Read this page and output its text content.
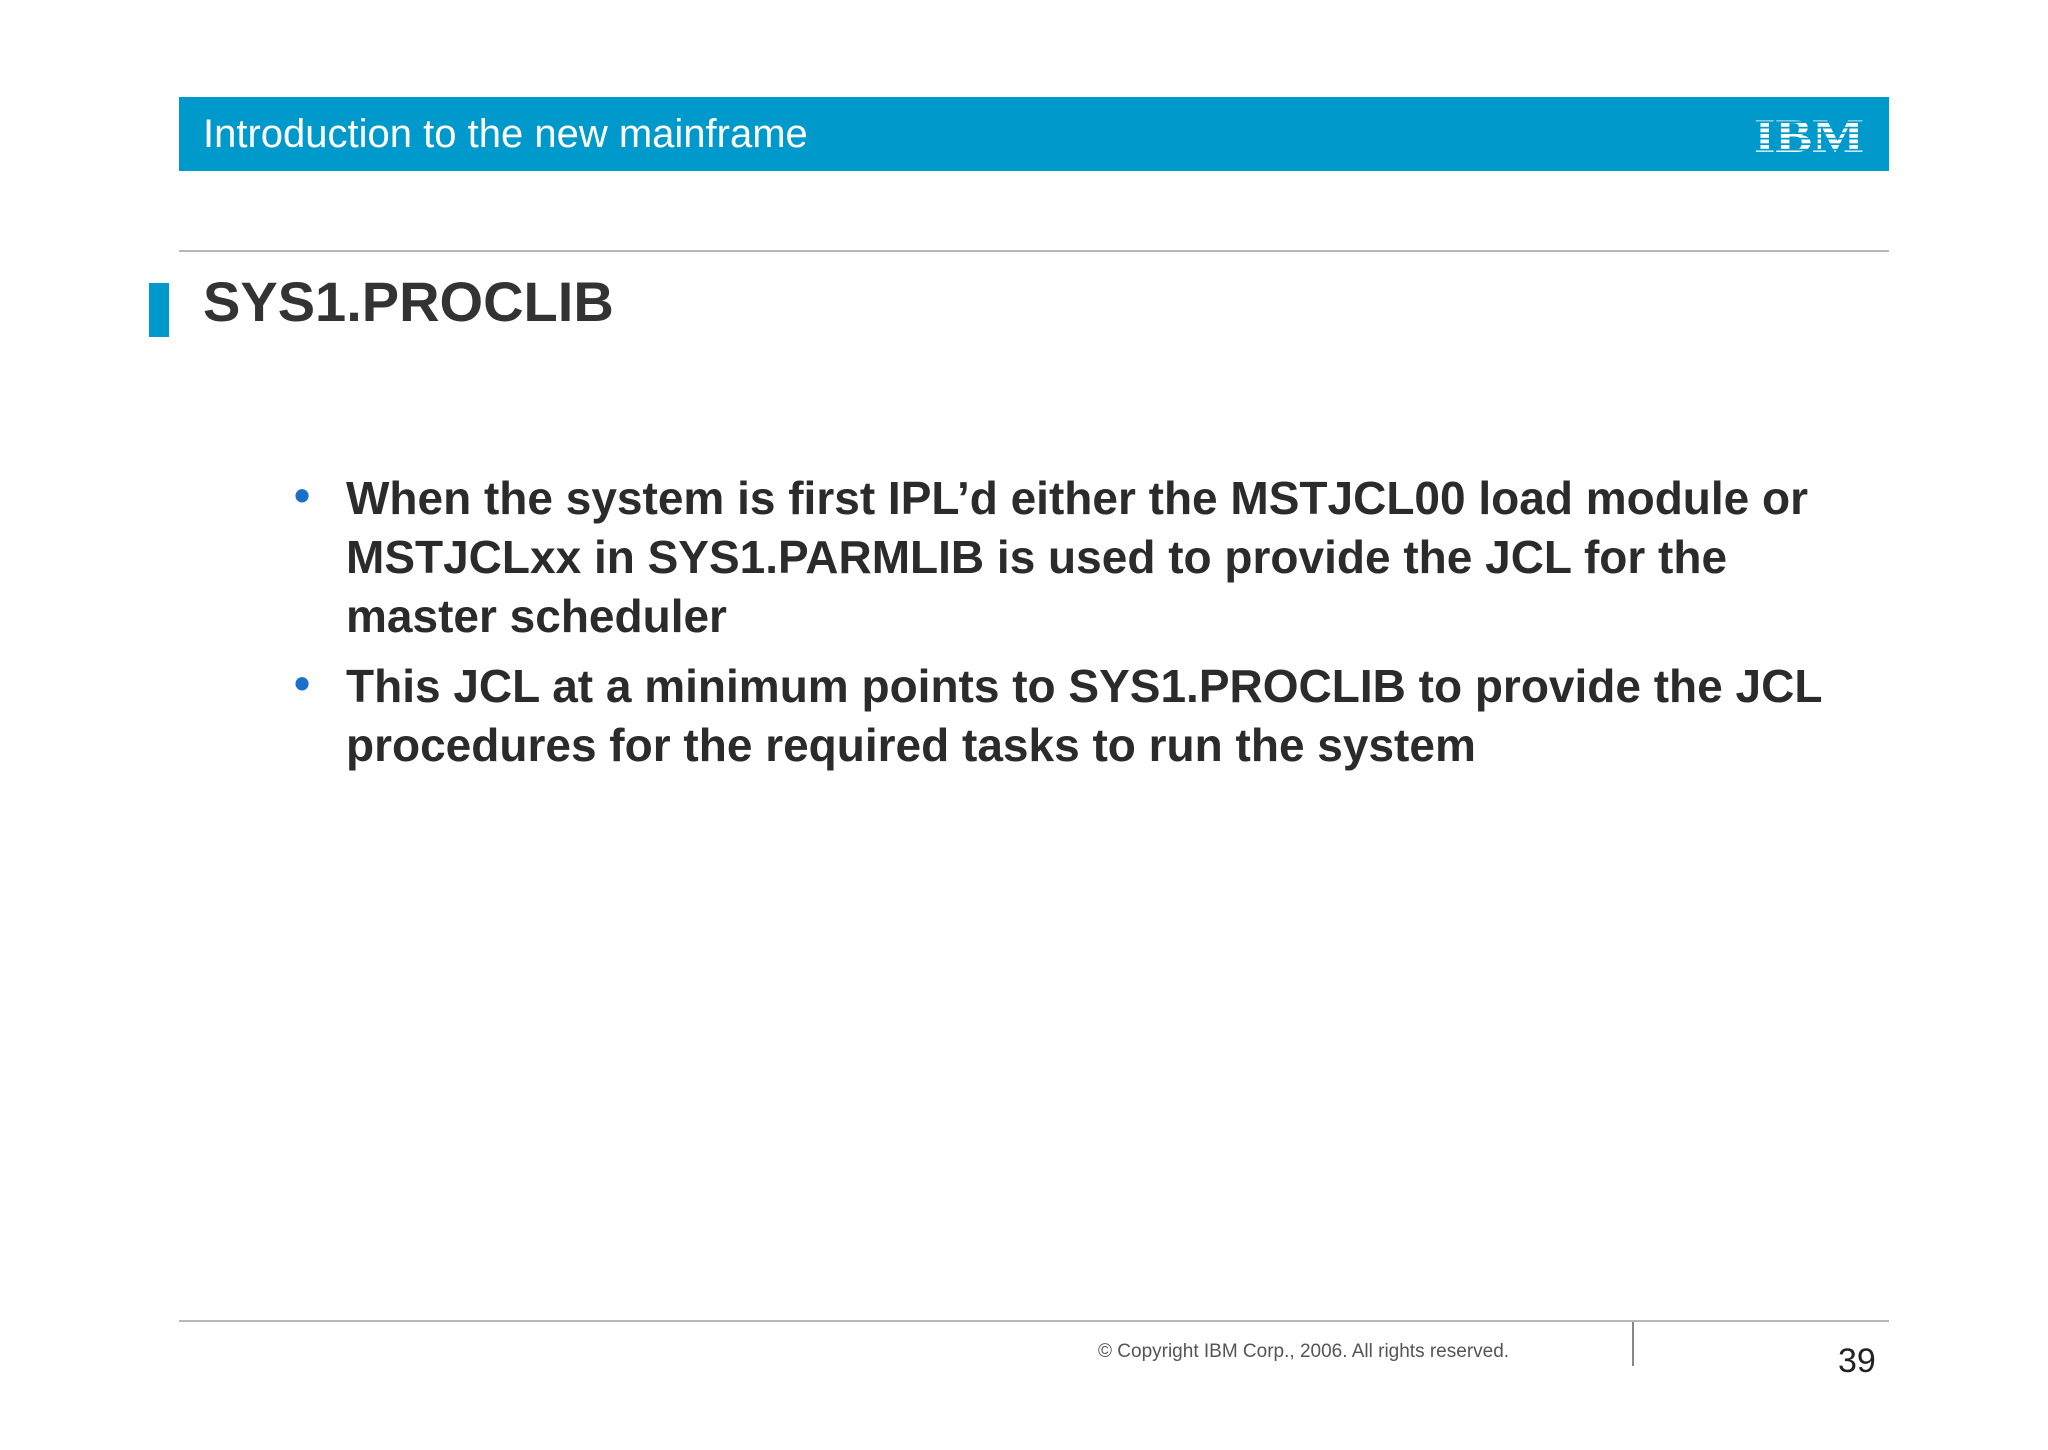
Introduction to the new mainframe	IBM
SYS1.PROCLIB
• When the system is first IPL’d either the MSTJCL00 load module or MSTJCLxx in SYS1.PARMLIB is used to provide the JCL for the master scheduler
• This JCL at a minimum points to SYS1.PROCLIB to provide the JCL procedures for the required tasks to run the system
© Copyright IBM Corp., 2006. All rights reserved.	39
